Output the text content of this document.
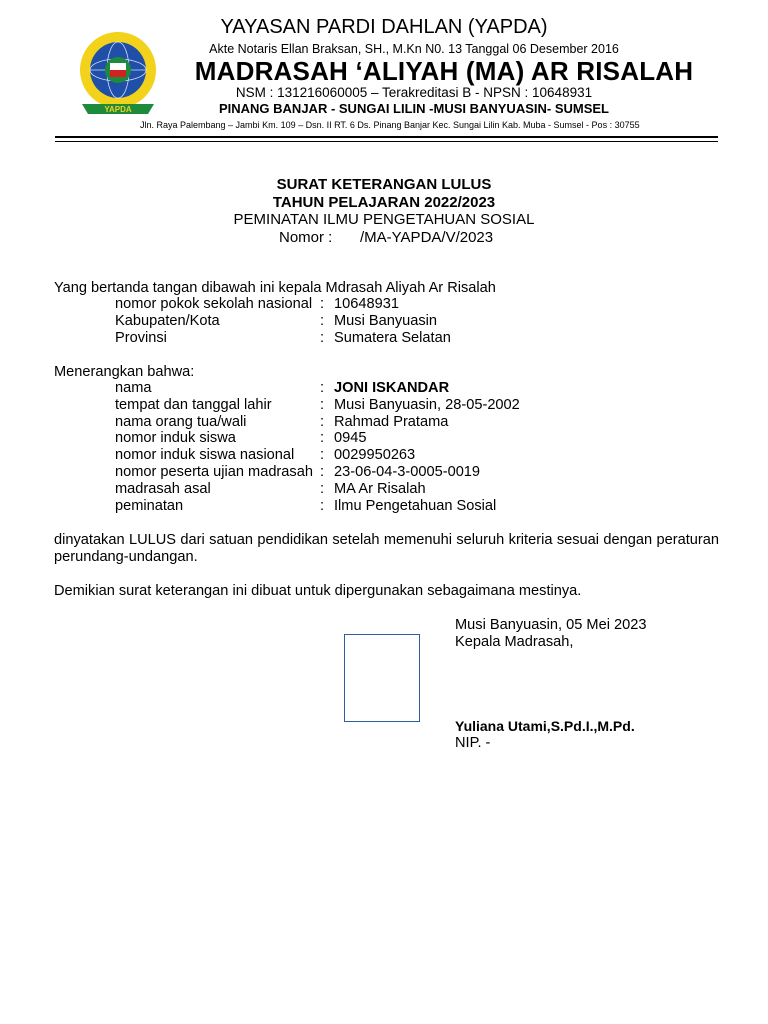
YAPDA
YAYASAN PARDI DAHLAN (YAPDA)
Akte Notaris Ellan Braksan, SH., M.Kn N0. 13 Tanggal 06 Desember 2016
MADRASAH ‘ALIYAH (MA) AR RISALAH
NSM : 131216060005 – Terakreditasi B - NPSN : 10648931
PINANG BANJAR - SUNGAI LILIN -MUSI BANYUASIN- SUMSEL
Jln. Raya Palembang – Jambi Km. 109 – Dsn. II RT. 6 Ds. Pinang Banjar Kec. Sungai Lilin Kab. Muba - Sumsel - Pos : 30755
SURAT KETERANGAN LULUS
TAHUN PELAJARAN 2022/2023
PEMINATAN ILMU PENGETAHUAN SOSIAL
Nomor : /MA-YAPDA/V/2023
Yang bertanda tangan dibawah ini kepala Mdrasah Aliyah Ar Risalah
nomor pokok sekolah nasional : 10648931
Kabupaten/Kota	: Musi Banyuasin
Provinsi	: Sumatera Selatan
Menerangkan bahwa:
nama	: JONI ISKANDAR
tempat dan tanggal lahir	: Musi Banyuasin, 28-05-2002
nama orang tua/wali	: Rahmad Pratama
nomor induk siswa	: 0945
nomor induk siswa nasional	: 0029950263
nomor peserta ujian madrasah : 23-06-04-3-0005-0019
madrasah asal	: MA Ar Risalah
peminatan	: Ilmu Pengetahuan Sosial
dinyatakan LULUS dari satuan pendidikan setelah memenuhi seluruh kriteria sesuai dengan peraturan perundang-undangan.
Demikian surat keterangan ini dibuat untuk dipergunakan sebagaimana mestinya.
Musi Banyuasin, 05 Mei 2023
Kepala Madrasah,
Yuliana Utami,S.Pd.I.,M.Pd.
NIP. -
